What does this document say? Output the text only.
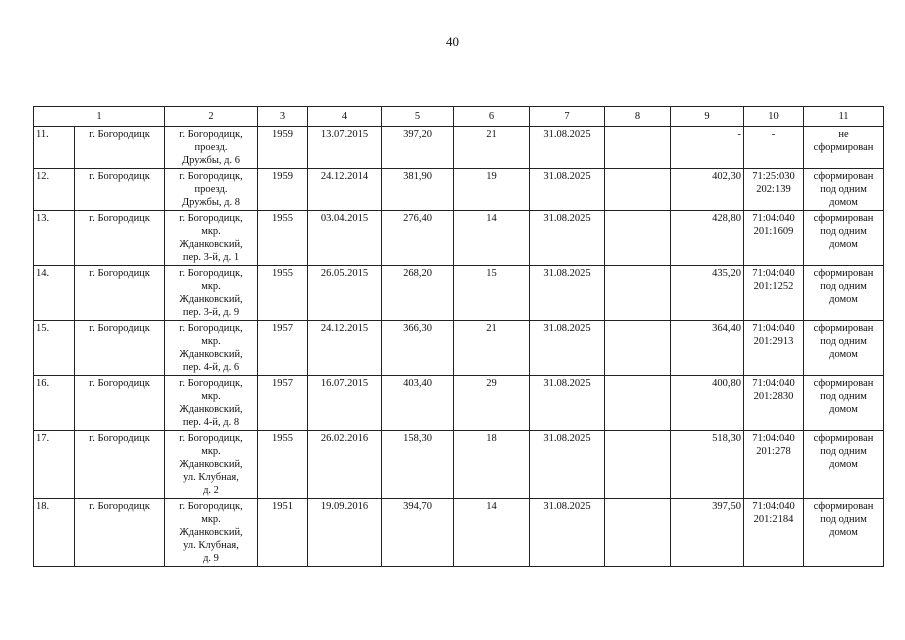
40
1		2	3	4	5	6	7	8	9	10	11
11.	г. Богородицк	г. Богородицк,
проезд.
Дружбы, д. 6	1959	13.07.2015	397,20	21	31.08.2025		-	-	не
сформирован

12.	г. Богородицк	г. Богородицк,
проезд.
Дружбы, д. 8	1959	24.12.2014	381,90	19	31.08.2025		402,30	71:25:030
202:139	сформирован
под одним
домом

13.	г. Богородицк	г. Богородицк,
мкр.
Жданковский,
пер. 3-й, д. 1	1955	03.04.2015	276,40	14	31.08.2025		428,80	71:04:040
201:1609	сформирован
под одним
домом

14.	г. Богородицк	г. Богородицк,
мкр.
Жданковский,
пер. 3-й, д. 9	1955	26.05.2015	268,20	15	31.08.2025		435,20	71:04:040
201:1252	сформирован
под одним
домом

15.	г. Богородицк	г. Богородицк,
мкр.
Жданковский,
пер. 4-й, д. 6	1957	24.12.2015	366,30	21	31.08.2025		364,40	71:04:040
201:2913	сформирован
под одним
домом

16.	г. Богородицк	г. Богородицк,
мкр.
Жданковский,
пер. 4-й, д. 8	1957	16.07.2015	403,40	29	31.08.2025		400,80	71:04:040
201:2830	сформирован
под одним
домом

17.	г. Богородицк	г. Богородицк,
мкр.
Жданковский,
ул. Клубная,
д. 2	1955	26.02.2016	158,30	18	31.08.2025		518,30	71:04:040
201:278	сформирован
под одним
домом

18.	г. Богородицк	г. Богородицк,
мкр.
Жданковский,
ул. Клубная,
д. 9	1951	19.09.2016	394,70	14	31.08.2025		397,50	71:04:040
201:2184	сформирован
под одним
домом
